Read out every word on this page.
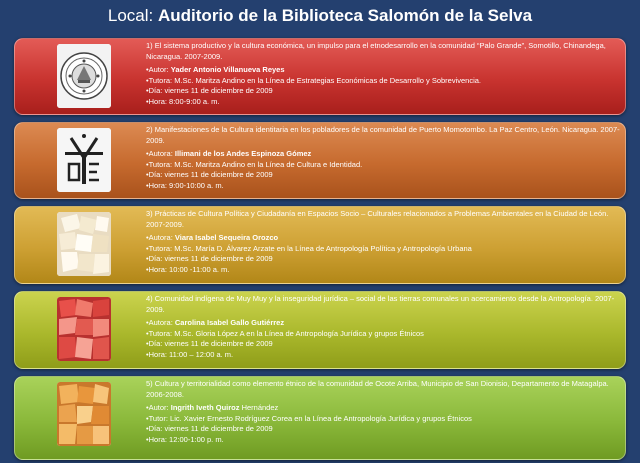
Local: Auditorio de la Biblioteca Salomón de la Selva

1) El sistema productivo y la cultura económica, un impulso para el etnodesarrollo en la comunidad “Palo Grande”, Somotillo, Chinandega, Nicaragua. 2007-2009.

•Autor: Yader Antonio Villanueva Reyes

•Tutora: M.Sc. Maritza Andino en la Línea de Estrategias Económicas de Desarrollo y Sobrevivencia.

•Día: viernes 11 de diciembre de 2009

•Hora: 8:00-9:00 a. m.

2) Manifestaciones de la Cultura identitaria en los pobladores de la comunidad de Puerto Momotombo. La Paz Centro, León. Nicaragua. 2007-2009.

•Autora: Illimani de los Andes Espinoza Gómez

•Tutora: M.Sc. Maritza Andino en la Línea de Cultura e Identidad.

•Día: viernes 11 de diciembre de 2009

•Hora: 9:00-10:00 a. m.

3) Prácticas de Cultura Política y Ciudadanía en Espacios Socio – Culturales relacionados a Problemas Ambientales en la Ciudad de León. 2007-2009.

•Autora: Viara Isabel Sequeira Orozco

•Tutora: M.Sc. María D. Álvarez Arzate en la Línea de Antropología Política y Antropología Urbana

•Día: viernes 11 de diciembre de 2009

•Hora: 10:00 -11:00 a. m.

4) Comunidad indígena de Muy Muy y la inseguridad jurídica – social de las tierras comunales un acercamiento desde la Antropología. 2007-2009.

•Autora: Carolina Isabel Gallo Gutiérrez

•Tutora: M.Sc. Gloria López A en la Línea de Antropología Jurídica y grupos Étnicos

•Día: viernes 11 de diciembre de 2009

•Hora: 11:00 – 12:00 a. m.

5) Cultura y territorialidad como elemento étnico de la comunidad de Ocote Arriba, Municipio de San Dionisio, Departamento de Matagalpa. 2006-2008.

•Autor: Ingrith Iveth Quiroz Hernández

•Tutor: Lic. Xavier Ernesto Rodríguez Corea en la Línea de Antropología Jurídica y grupos Étnicos

•Día: viernes 11 de diciembre de 2009

•Hora: 12:00-1:00 p. m.
